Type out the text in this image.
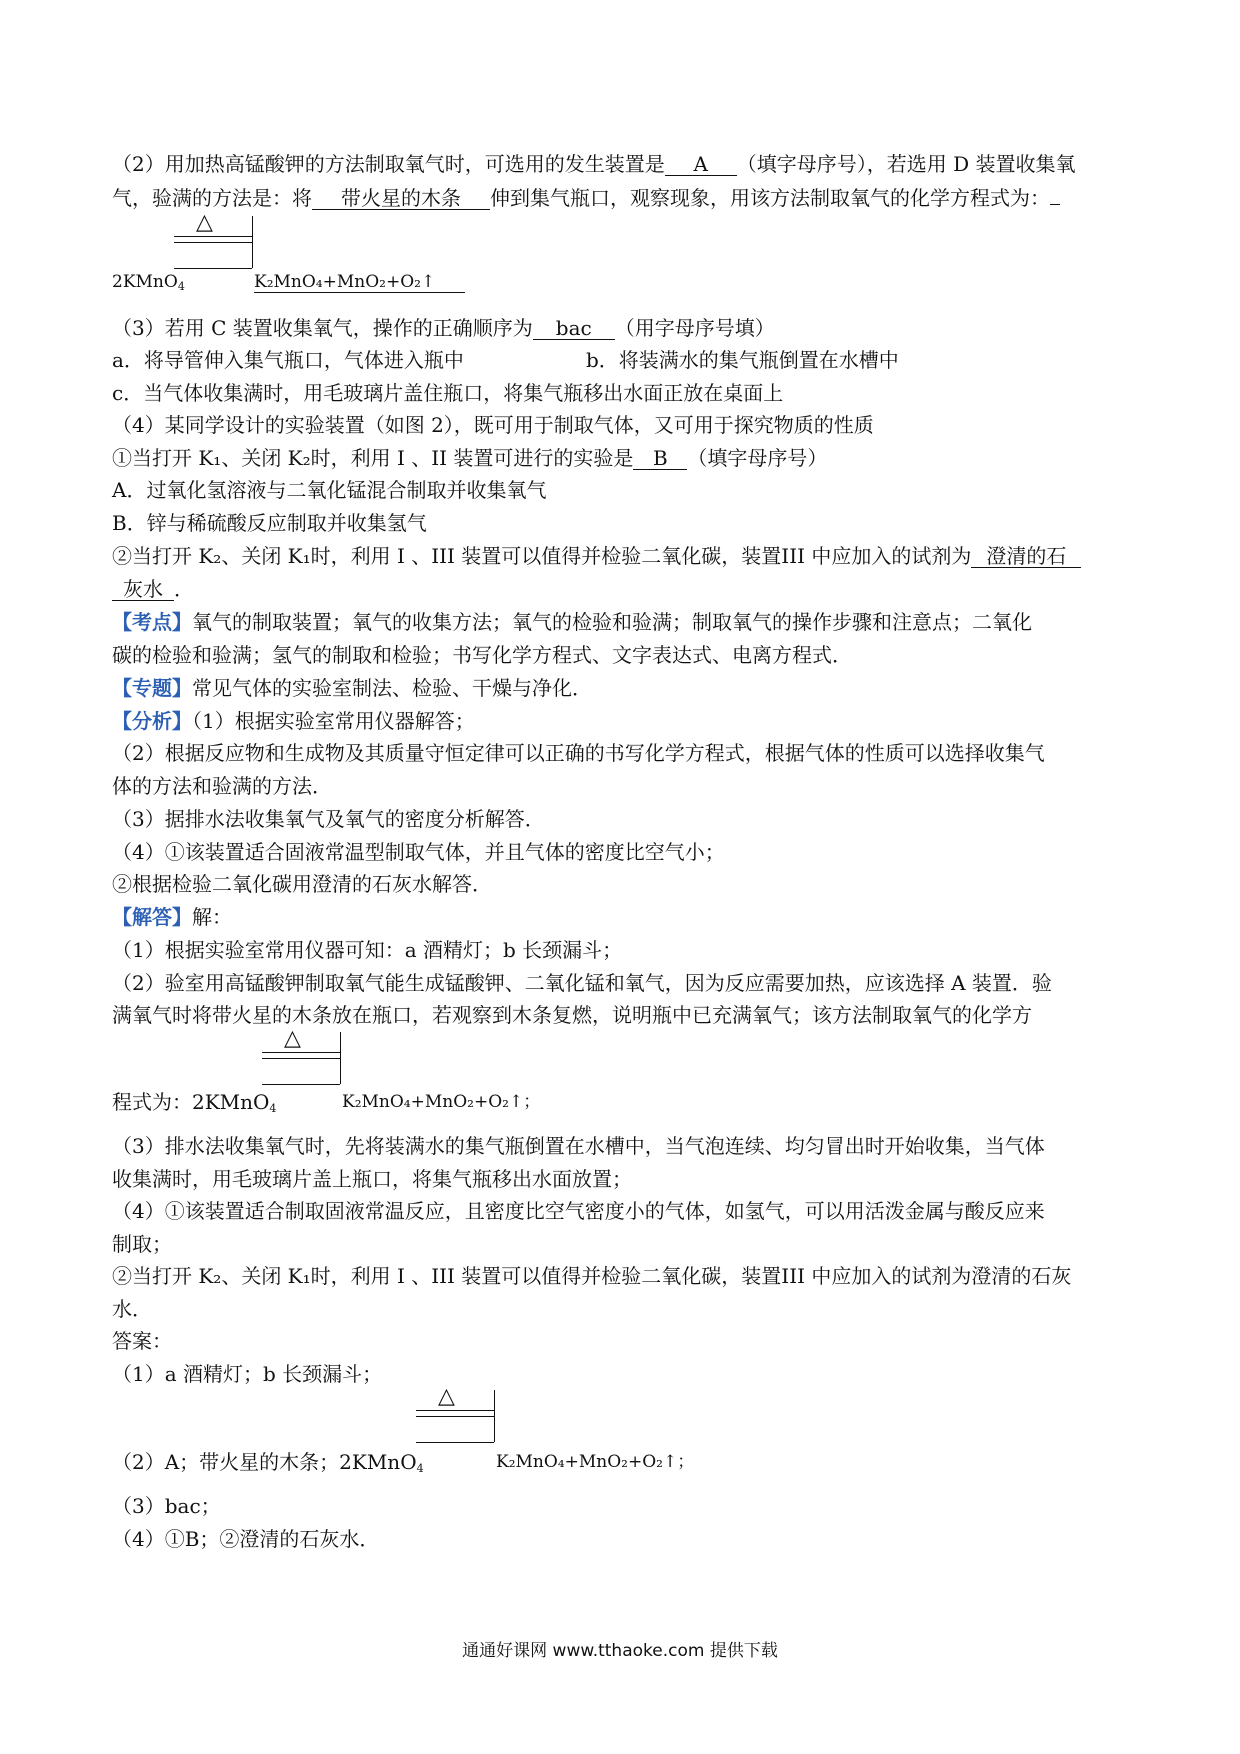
（2）用加热高锰酸钾的方法制取氧气时，可选用的发生装置是 A （填字母序号），若选用 D 装置收集氧
气，验满的方法是：将 带火星的木条 伸到集气瓶口，观察现象，用该方法制取氧气的化学方程式为：
△
2KMnO$_4$	K₂MnO₄+MnO₂+O₂↑
（3）若用 C 装置收集氧气，操作的正确顺序为 bac （用字母序号填）
a．将导管伸入集气瓶口，气体进入瓶中	b．将装满水的集气瓶倒置在水槽中
c．当气体收集满时，用毛玻璃片盖住瓶口，将集气瓶移出水面正放在桌面上
（4）某同学设计的实验装置（如图 2），既可用于制取气体，又可用于探究物质的性质
①当打开 K₁、关闭 K₂时，利用 I 、II 装置可进行的实验是 B （填字母序号）
A．过氧化氢溶液与二氧化锰混合制取并收集氧气
B．锌与稀硫酸反应制取并收集氢气
②当打开 K₂、关闭 K₁时，利用 I 、III 装置可以值得并检验二氧化碳，装置III 中应加入的试剂为 澄清的石
灰水 ．
【考点】氧气的制取装置；氧气的收集方法；氧气的检验和验满；制取氧气的操作步骤和注意点；二氧化
碳的检验和验满；氢气的制取和检验；书写化学方程式、文字表达式、电离方程式．
【专题】常见气体的实验室制法、检验、干燥与净化．
【分析】（1）根据实验室常用仪器解答；
（2）根据反应物和生成物及其质量守恒定律可以正确的书写化学方程式，根据气体的性质可以选择收集气
体的方法和验满的方法．
（3）据排水法收集氧气及氧气的密度分析解答．
（4）①该装置适合固液常温型制取气体，并且气体的密度比空气小；
②根据检验二氧化碳用澄清的石灰水解答．
【解答】解：
（1）根据实验室常用仪器可知：a 酒精灯；b 长颈漏斗；
（2）验室用高锰酸钾制取氧气能生成锰酸钾、二氧化锰和氧气，因为反应需要加热，应该选择 A 装置．验
满氧气时将带火星的木条放在瓶口，若观察到木条复燃，说明瓶中已充满氧气；该方法制取氧气的化学方
△
程式为：2KMnO$_4$	K₂MnO₄+MnO₂+O₂↑；
（3）排水法收集氧气时，先将装满水的集气瓶倒置在水槽中，当气泡连续、均匀冒出时开始收集，当气体
收集满时，用毛玻璃片盖上瓶口，将集气瓶移出水面放置；
（4）①该装置适合制取固液常温反应，且密度比空气密度小的气体，如氢气，可以用活泼金属与酸反应来
制取；
②当打开 K₂、关闭 K₁时，利用 I 、III 装置可以值得并检验二氧化碳，装置III 中应加入的试剂为澄清的石灰
水．
答案：
（1）a 酒精灯；b 长颈漏斗；
△
（2）A；带火星的木条；2KMnO$_4$	K₂MnO₄+MnO₂+O₂↑；
（3）bac；
（4）①B；②澄清的石灰水．
通通好课网 www.tthaoke.com 提供下载
